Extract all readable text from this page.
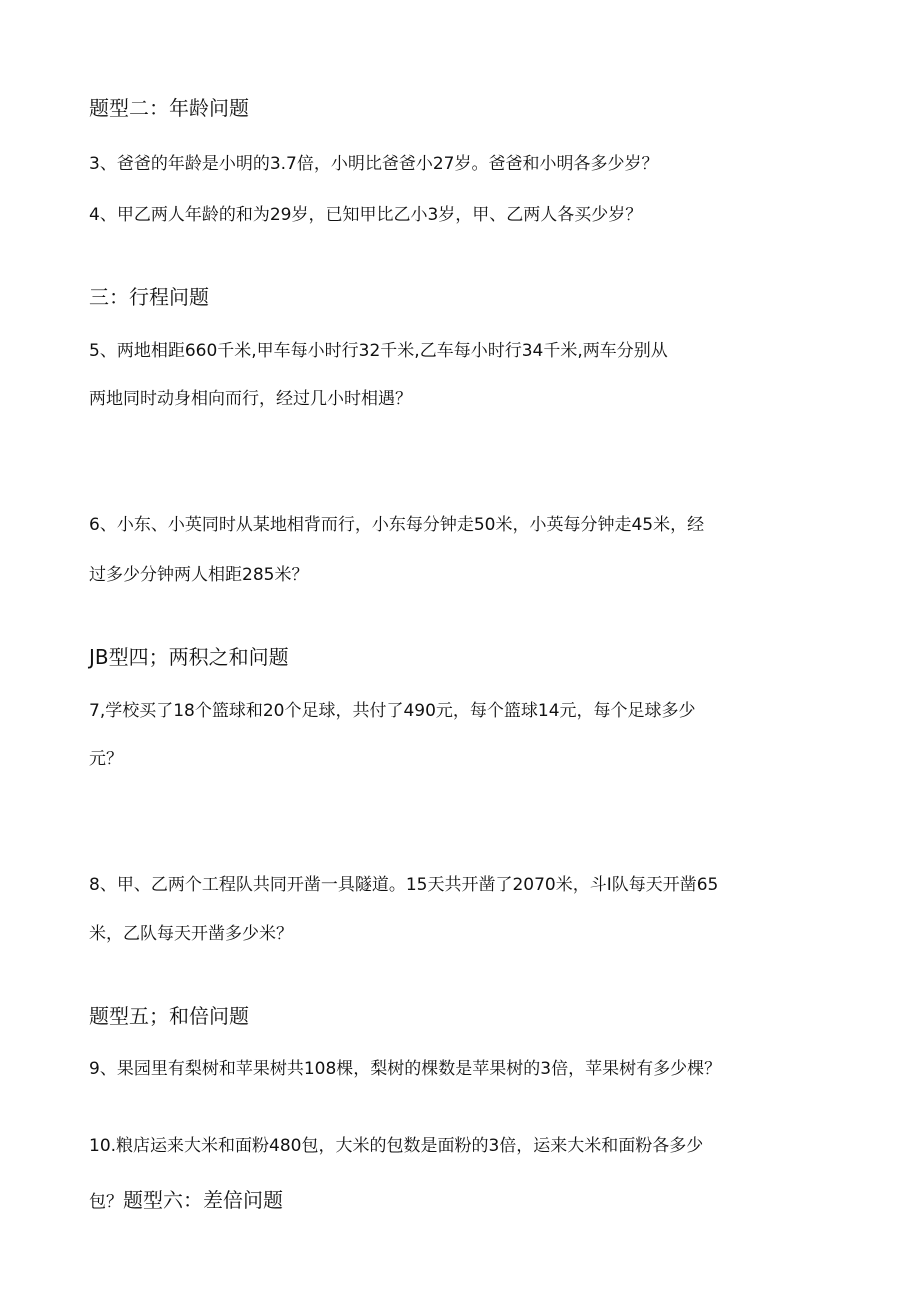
题型二：年龄问题
3、爸爸的年龄是小明的3.7倍，小明比爸爸小27岁。爸爸和小明各多少岁？
4、甲乙两人年龄的和为29岁，已知甲比乙小3岁，甲、乙两人各买少岁？
三：行程问题
5、两地相距660千米,甲车每小时行32千米,乙车每小时行34千米,两车分别从
两地同时动身相向而行，经过几小时相遇？
6、小东、小英同时从某地相背而行，小东每分钟走50米，小英每分钟走45米，经
过多少分钟两人相距285米？
JB型四；两积之和问题
7,学校买了18个篮球和20个足球，共付了490元，每个篮球14元，每个足球多少
元？
8、甲、乙两个工程队共同开凿一具隧道。15天共开凿了2070米，斗I队每天开凿65
米，乙队每天开凿多少米？
题型五；和倍问题
9、果园里有梨树和苹果树共108棵，梨树的棵数是苹果树的3倍，苹果树有多少棵？
10.粮店运来大米和面粉480包，大米的包数是面粉的3倍，运来大米和面粉各多少
包？题型六：差倍问题
